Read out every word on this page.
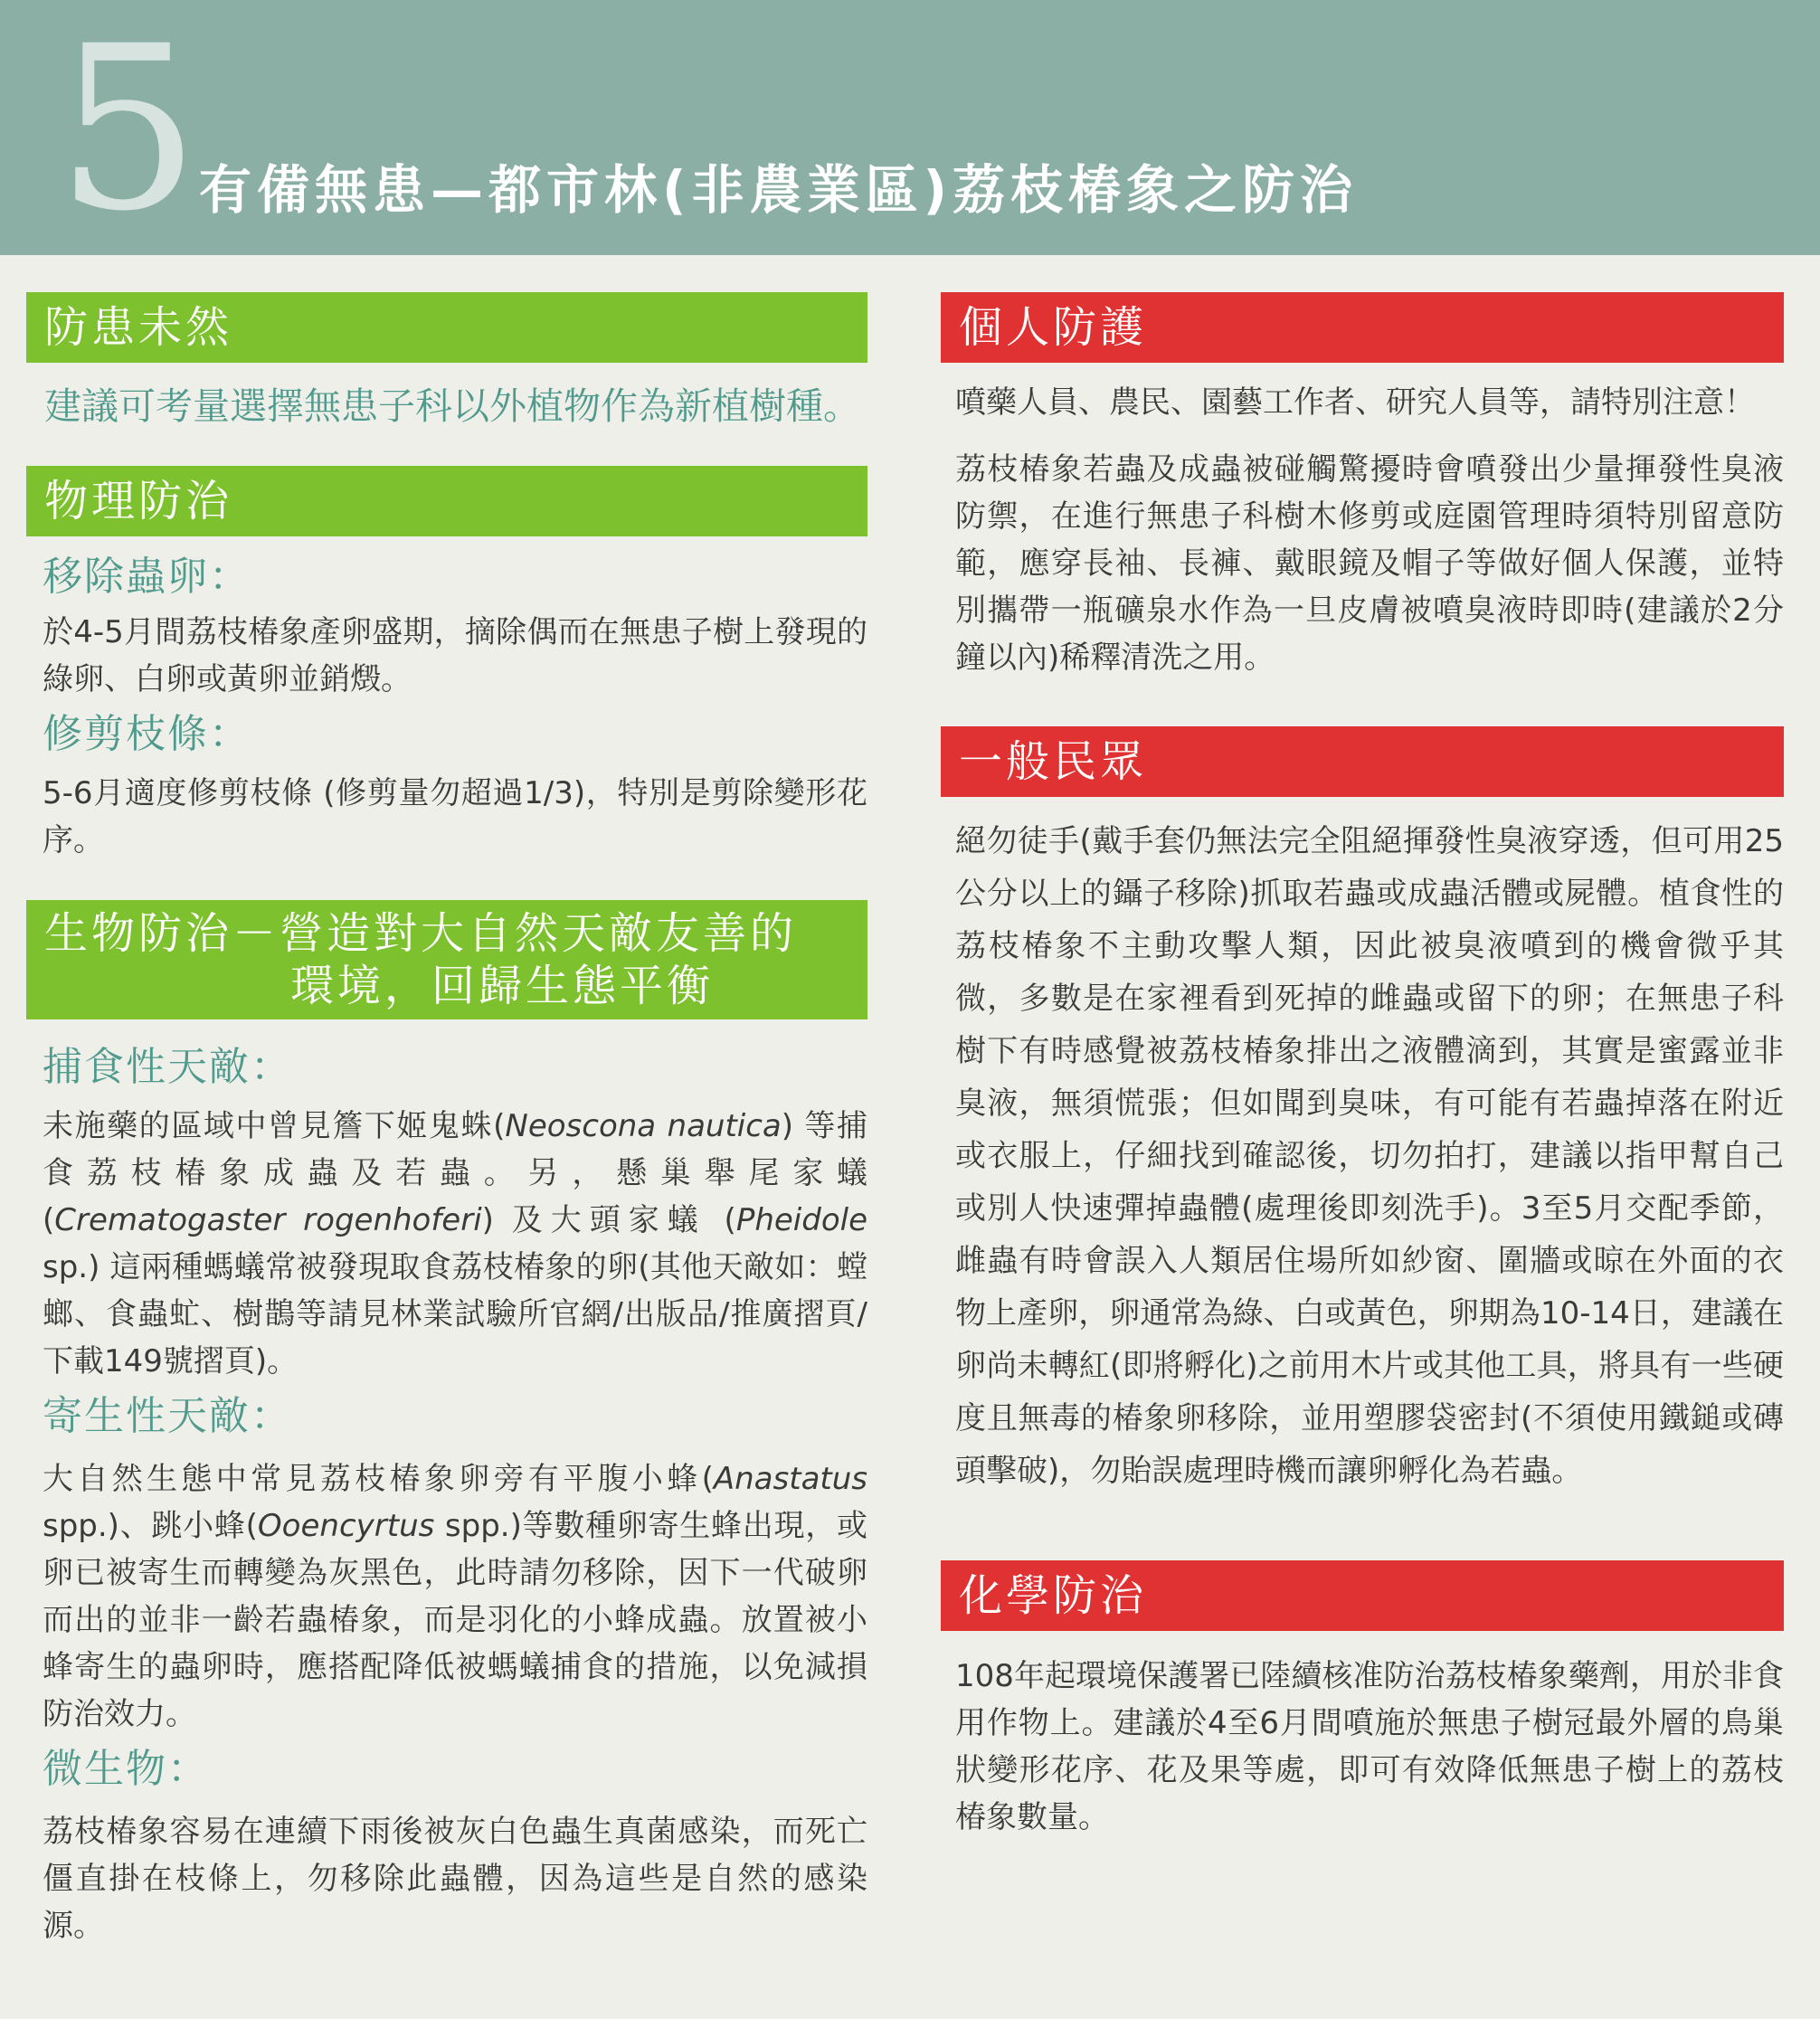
5
有備無患—都市林(非農業區)荔枝椿象之防治
防患未然
建議可考量選擇無患子科以外植物作為新植樹種。
物理防治
移除蟲卵：
於4-5月間荔枝椿象產卵盛期，摘除偶而在無患子樹上發現的綠卵、白卵或黃卵並銷燬。
修剪枝條：
5-6月適度修剪枝條 (修剪量勿超過1/3)，特別是剪除變形花序。
生物防治－營造對大自然天敵友善的
環境，回歸生態平衡
捕食性天敵：
未施藥的區域中曾見簷下姬鬼蛛(Neoscona nautica) 等捕食荔枝椿象成蟲及若蟲。另，懸巢舉尾家蟻(Crematogaster rogenhoferi) 及大頭家蟻 (Pheidole sp.) 這兩種螞蟻常被發現取食荔枝椿象的卵(其他天敵如：螳螂、食蟲虻、樹鵲等請見林業試驗所官網/出版品/推廣摺頁/下載149號摺頁)。
寄生性天敵：
大自然生態中常見荔枝椿象卵旁有平腹小蜂(Anastatus spp.)、跳小蜂(Ooencyrtus spp.)等數種卵寄生蜂出現，或卵已被寄生而轉變為灰黑色，此時請勿移除，因下一代破卵而出的並非一齡若蟲椿象，而是羽化的小蜂成蟲。放置被小蜂寄生的蟲卵時，應搭配降低被螞蟻捕食的措施，以免減損防治效力。
微生物：
荔枝椿象容易在連續下雨後被灰白色蟲生真菌感染，而死亡僵直掛在枝條上，勿移除此蟲體，因為這些是自然的感染源。
個人防護
噴藥人員、農民、園藝工作者、研究人員等，請特別注意！
荔枝椿象若蟲及成蟲被碰觸驚擾時會噴發出少量揮發性臭液防禦，在進行無患子科樹木修剪或庭園管理時須特別留意防範，應穿長袖、長褲、戴眼鏡及帽子等做好個人保護，並特別攜帶一瓶礦泉水作為一旦皮膚被噴臭液時即時(建議於2分鐘以內)稀釋清洗之用。
一般民眾
絕勿徒手(戴手套仍無法完全阻絕揮發性臭液穿透，但可用25公分以上的鑷子移除)抓取若蟲或成蟲活體或屍體。植食性的荔枝椿象不主動攻擊人類，因此被臭液噴到的機會微乎其微，多數是在家裡看到死掉的雌蟲或留下的卵；在無患子科樹下有時感覺被荔枝椿象排出之液體滴到，其實是蜜露並非臭液，無須慌張；但如聞到臭味，有可能有若蟲掉落在附近或衣服上，仔細找到確認後，切勿拍打，建議以指甲幫自己或別人快速彈掉蟲體(處理後即刻洗手)。3至5月交配季節，雌蟲有時會誤入人類居住場所如紗窗、圍牆或晾在外面的衣物上產卵，卵通常為綠、白或黃色，卵期為10-14日，建議在卵尚未轉紅(即將孵化)之前用木片或其他工具，將具有一些硬度且無毒的椿象卵移除，並用塑膠袋密封(不須使用鐵鎚或磚頭擊破)，勿貽誤處理時機而讓卵孵化為若蟲。
化學防治
108年起環境保護署已陸續核准防治荔枝椿象藥劑，用於非食用作物上。建議於4至6月間噴施於無患子樹冠最外層的鳥巢狀變形花序、花及果等處，即可有效降低無患子樹上的荔枝椿象數量。
